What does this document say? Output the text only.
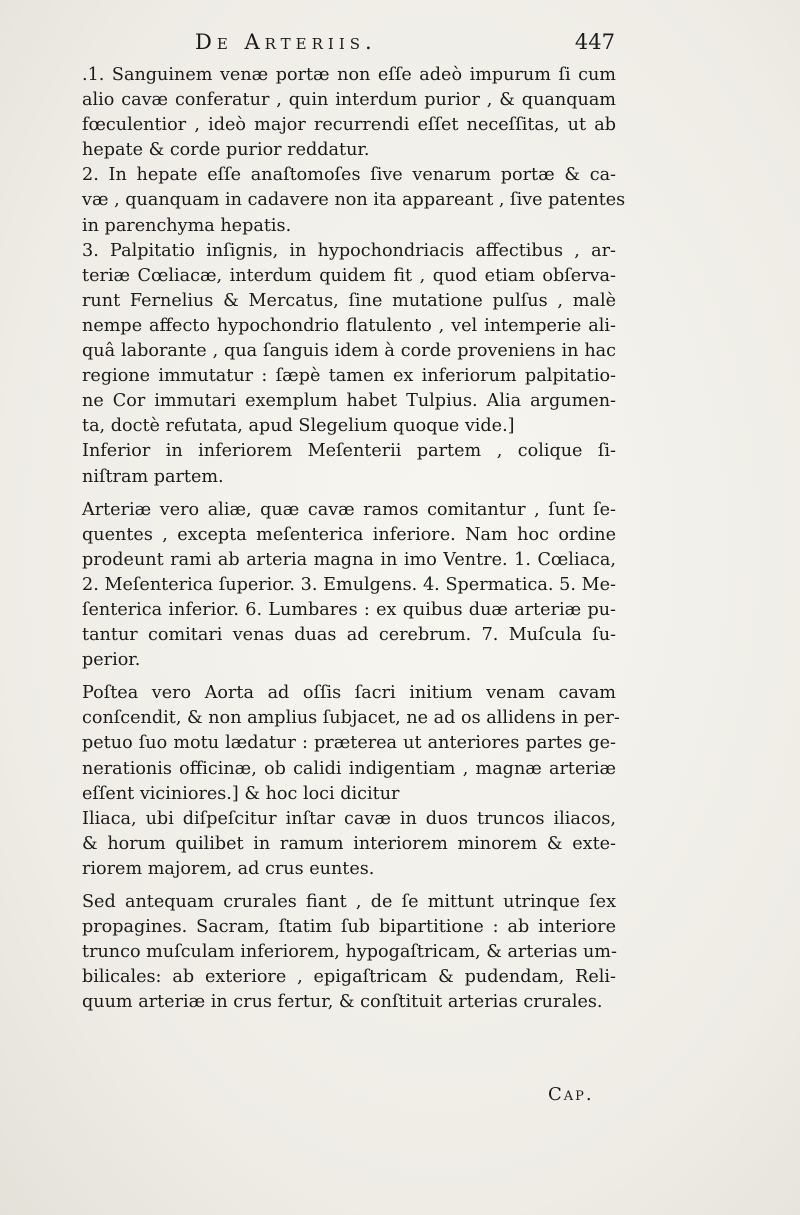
De Arteriis.	447
.1. Sanguinem venæ portæ non eſſe adeò impurum ſi cum
alio cavæ conferatur , quin interdum purior , & quanquam
fœculentior , ideò major recurrendi eſſet neceſſitas, ut ab
hepate & corde purior reddatur.
2. In hepate eſſe anaſtomoſes ſive venarum portæ & ca-
væ , quanquam in cadavere non ita appareant , ſive patentes
in parenchyma hepatis.
3. Palpitatio inſignis, in hypochondriacis affectibus , ar-
teriæ Cœliacæ, interdum quidem fit , quod etiam obſerva-
runt Fernelius & Mercatus, ſine mutatione pulſus , malè
nempe affecto hypochondrio flatulento , vel intemperie ali-
quâ laborante , qua ſanguis idem à corde proveniens in hac
regione immutatur : ſæpè tamen ex inferiorum palpitatio-
ne Cor immutari exemplum habet Tulpius. Alia argumen-
ta, doctè refutata, apud Slegelium quoque vide.]
Inferior in inferiorem Meſenterii partem , colique ſi-
niſtram partem.
Arteriæ vero aliæ, quæ cavæ ramos comitantur , ſunt ſe-
quentes , excepta meſenterica inferiore. Nam hoc ordine
prodeunt rami ab arteria magna in imo Ventre. 1. Cœliaca,
2. Meſenterica ſuperior. 3. Emulgens. 4. Spermatica. 5. Me-
ſenterica inferior. 6. Lumbares : ex quibus duæ arteriæ pu-
tantur comitari venas duas ad cerebrum. 7. Muſcula ſu-
perior.
Poſtea vero Aorta ad oſſis ſacri initium venam cavam
conſcendit, & non amplius ſubjacet, ne ad os allidens in per-
petuo ſuo motu lædatur : præterea ut anteriores partes ge-
nerationis officinæ, ob calidi indigentiam , magnæ arteriæ
eſſent viciniores.] & hoc loci dicitur
Iliaca, ubi diſpeſcitur inſtar cavæ in duos truncos iliacos,
& horum quilibet in ramum interiorem minorem & exte-
riorem majorem, ad crus euntes.
Sed antequam crurales fiant , de ſe mittunt utrinque ſex
propagines. Sacram, ſtatim ſub bipartitione : ab interiore
trunco muſculam inferiorem, hypogaſtricam, & arterias um-
bilicales: ab exteriore , epigaſtricam & pudendam, Reli-
quum arteriæ in crus fertur, & conſtituit arterias crurales.
Cap.
